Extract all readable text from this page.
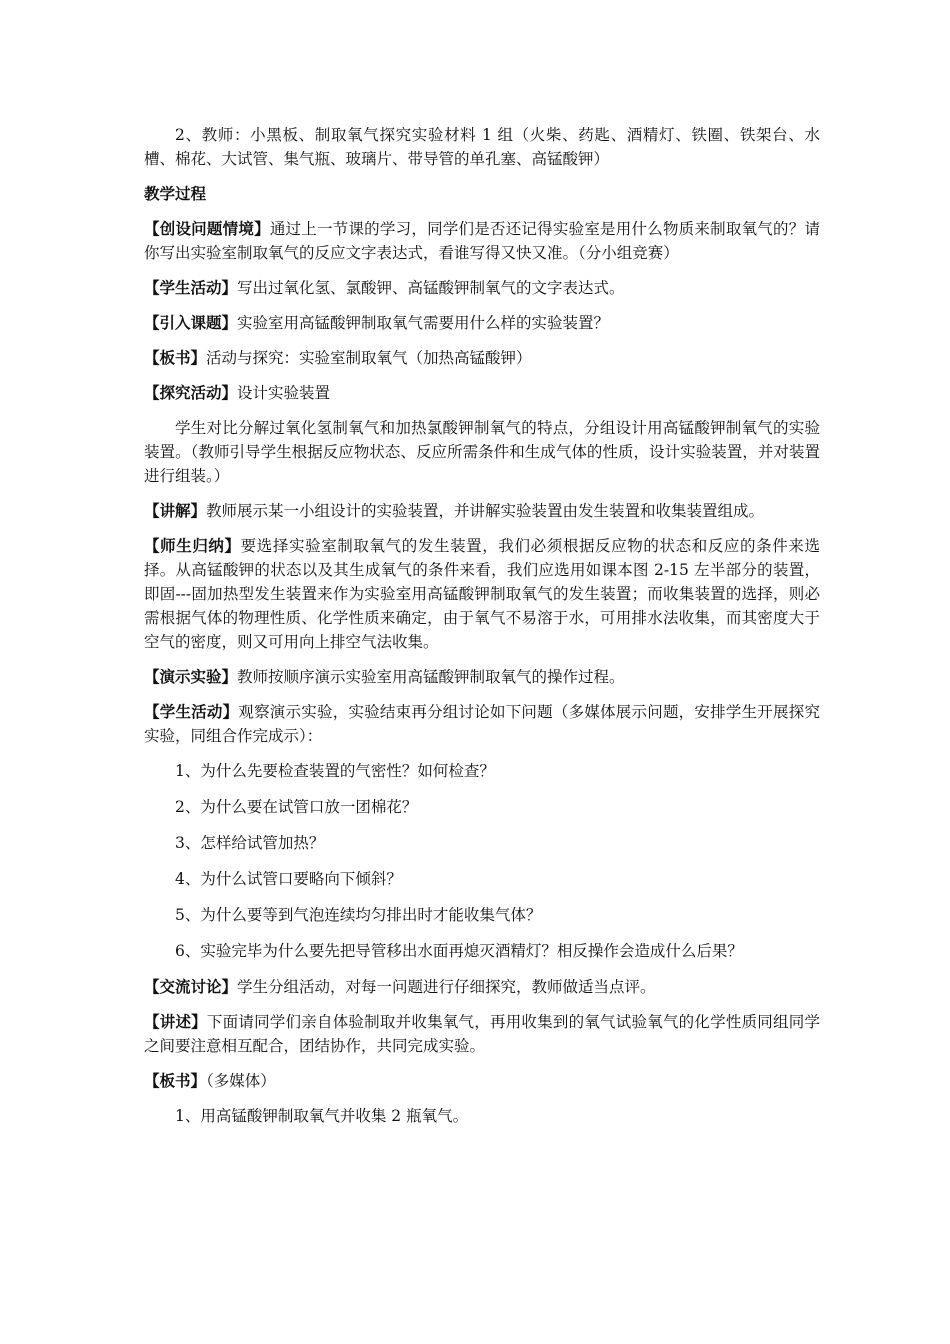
2、教师：小黑板、制取氧气探究实验材料 1 组（火柴、药匙、酒精灯、铁圈、铁架台、水槽、棉花、大试管、集气瓶、玻璃片、带导管的单孔塞、高锰酸钾）

教学过程

【创设问题情境】通过上一节课的学习，同学们是否还记得实验室是用什么物质来制取氧气的？请你写出实验室制取氧气的反应文字表达式，看谁写得又快又准。（分小组竞赛）

【学生活动】写出过氧化氢、氯酸钾、高锰酸钾制氧气的文字表达式。

【引入课题】实验室用高锰酸钾制取氧气需要用什么样的实验装置？

【板书】活动与探究：实验室制取氧气（加热高锰酸钾）

【探究活动】设计实验装置

学生对比分解过氧化氢制氧气和加热氯酸钾制氧气的特点，分组设计用高锰酸钾制氧气的实验装置。（教师引导学生根据反应物状态、反应所需条件和生成气体的性质，设计实验装置，并对装置进行组装。）

【讲解】教师展示某一小组设计的实验装置，并讲解实验装置由发生装置和收集装置组成。

【师生归纳】要选择实验室制取氧气的发生装置，我们必须根据反应物的状态和反应的条件来选择。从高锰酸钾的状态以及其生成氧气的条件来看，我们应选用如课本图 2-15 左半部分的装置，即固---固加热型发生装置来作为实验室用高锰酸钾制取氧气的发生装置；而收集装置的选择，则必需根据气体的物理性质、化学性质来确定，由于氧气不易溶于水，可用排水法收集，而其密度大于空气的密度，则又可用向上排空气法收集。

【演示实验】教师按顺序演示实验室用高锰酸钾制取氧气的操作过程。

【学生活动】观察演示实验，实验结束再分组讨论如下问题（多媒体展示问题，安排学生开展探究实验，同组合作完成示）：

1、为什么先要检查装置的气密性？如何检查？

2、为什么要在试管口放一团棉花？

3、怎样给试管加热？

4、为什么试管口要略向下倾斜？

5、为什么要等到气泡连续均匀排出时才能收集气体？

6、实验完毕为什么要先把导管移出水面再熄灭酒精灯？相反操作会造成什么后果？

【交流讨论】学生分组活动，对每一问题进行仔细探究，教师做适当点评。

【讲述】下面请同学们亲自体验制取并收集氧气，再用收集到的氧气试验氧气的化学性质同组同学之间要注意相互配合，团结协作，共同完成实验。

【板书】（多媒体）

1、用高锰酸钾制取氧气并收集 2 瓶氧气。
